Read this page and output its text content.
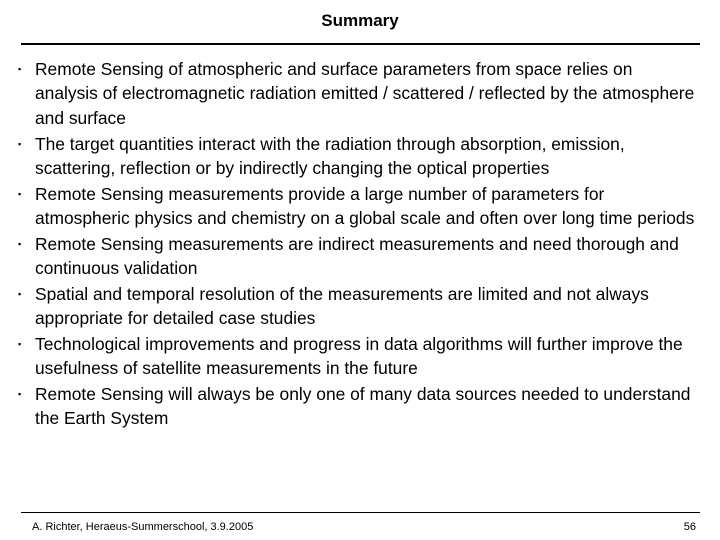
Summary
▪ Remote Sensing of atmospheric and surface parameters from space relies on analysis of electromagnetic radiation emitted / scattered / reflected by the atmosphere and surface
▪ The target quantities interact with the radiation through absorption, emission, scattering, reflection or by indirectly changing the optical properties
▪ Remote Sensing measurements provide a large number of parameters for atmospheric physics and chemistry on a global scale and often over long time periods
▪ Remote Sensing measurements are indirect measurements and need thorough and continuous validation
▪ Spatial and temporal resolution of the measurements are limited and not always appropriate for detailed case studies
▪ Technological improvements and progress in data algorithms will further improve the usefulness of satellite measurements in the future
▪ Remote Sensing will always be only one of many data sources needed to understand the Earth System
A. Richter, Heraeus-Summerschool, 3.9.2005	56
